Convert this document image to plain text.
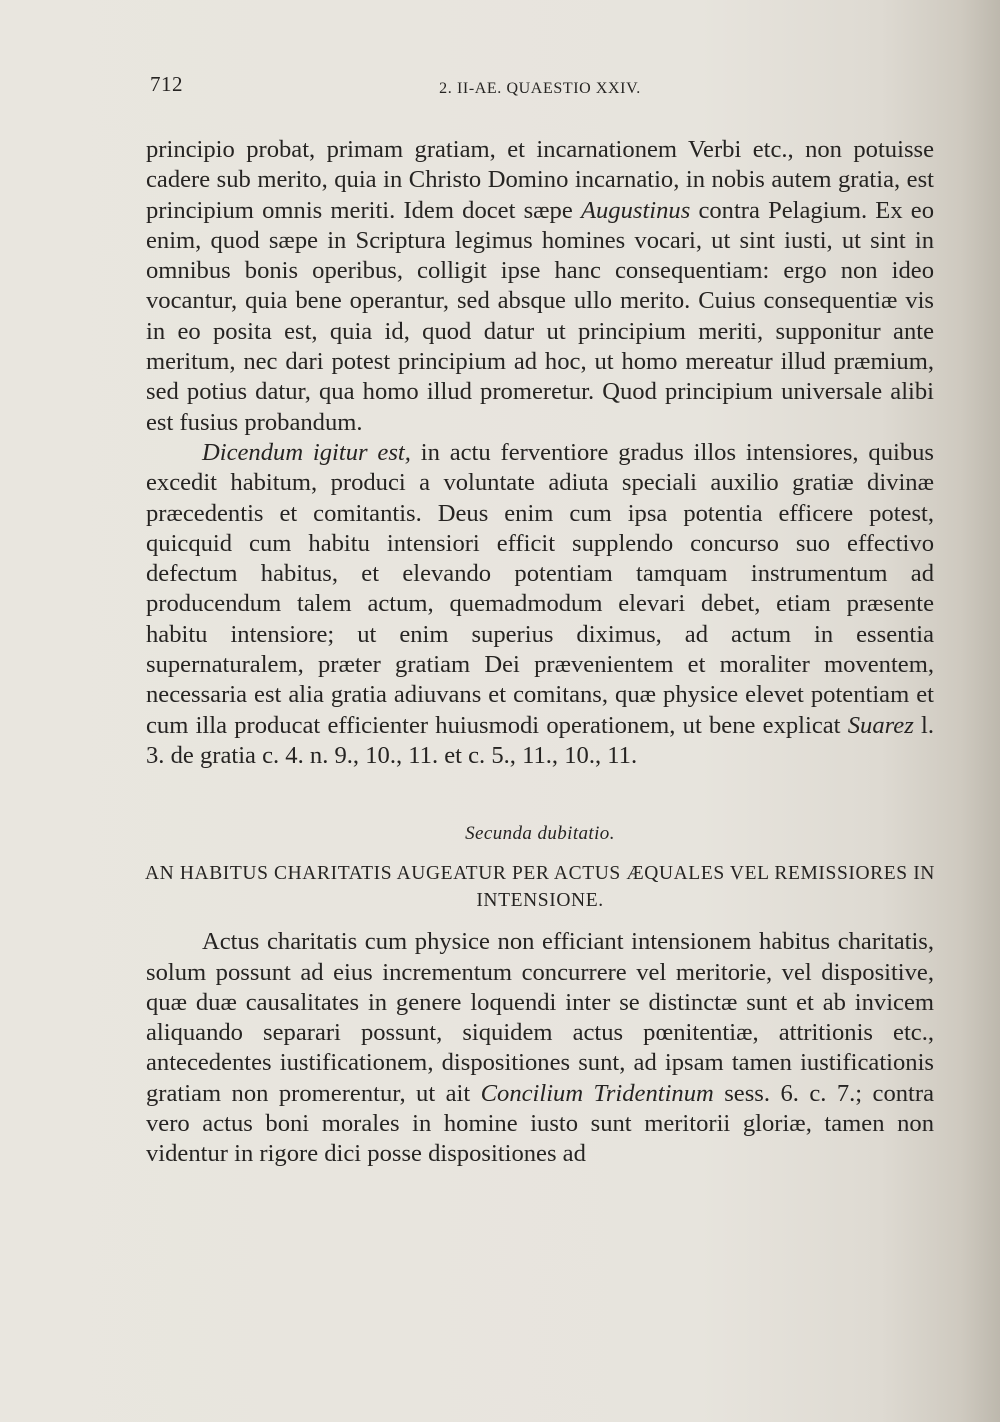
712	2. II-AE. QUAESTIO XXIV.

principio probat, primam gratiam, et incarnationem Verbi etc., non potuisse cadere sub merito, quia in Christo Domino incarnatio, in nobis autem gratia, est principium omnis meriti. Idem docet sæpe Augustinus contra Pelagium. Ex eo enim, quod sæpe in Scriptura legimus homines vocari, ut sint iusti, ut sint in omnibus bonis operibus, colligit ipse hanc consequentiam: ergo non ideo vocantur, quia bene operantur, sed absque ullo merito. Cuius consequentiæ vis in eo posita est, quia id, quod datur ut principium meriti, supponitur ante meritum, nec dari potest principium ad hoc, ut homo mereatur illud præmium, sed potius datur, qua homo illud promeretur. Quod principium universale alibi est fusius probandum.

Dicendum igitur est, in actu ferventiore gradus illos intensiores, quibus excedit habitum, produci a voluntate adiuta speciali auxilio gratiæ divinæ præcedentis et comitantis. Deus enim cum ipsa potentia efficere potest, quicquid cum habitu intensiori efficit supplendo concurso suo effectivo defectum habitus, et elevando potentiam tamquam instrumentum ad producendum talem actum, quemadmodum elevari debet, etiam præsente habitu intensiore; ut enim superius diximus, ad actum in essentia supernaturalem, præter gratiam Dei prævenientem et moraliter moventem, necessaria est alia gratia adiuvans et comitans, quæ physice elevet potentiam et cum illa producat efficienter huiusmodi operationem, ut bene explicat Suarez l. 3. de gratia c. 4. n. 9., 10., 11. et c. 5., 11., 10., 11.

Secunda dubitatio.
AN HABITUS CHARITATIS AUGEATUR PER ACTUS ÆQUALES VEL REMISSIORES IN INTENSIONE.

Actus charitatis cum physice non efficiant intensionem habitus charitatis, solum possunt ad eius incrementum concurrere vel meritorie, vel dispositive, quæ duæ causalitates in genere loquendi inter se distinctæ sunt et ab invicem aliquando separari possunt, siquidem actus pœnitentiæ, attritionis etc., antecedentes iustificationem, dispositiones sunt, ad ipsam tamen iustificationis gratiam non promerentur, ut ait Concilium Tridentinum sess. 6. c. 7.; contra vero actus boni morales in homine iusto sunt meritorii gloriæ, tamen non videntur in rigore dici posse dispositiones ad
